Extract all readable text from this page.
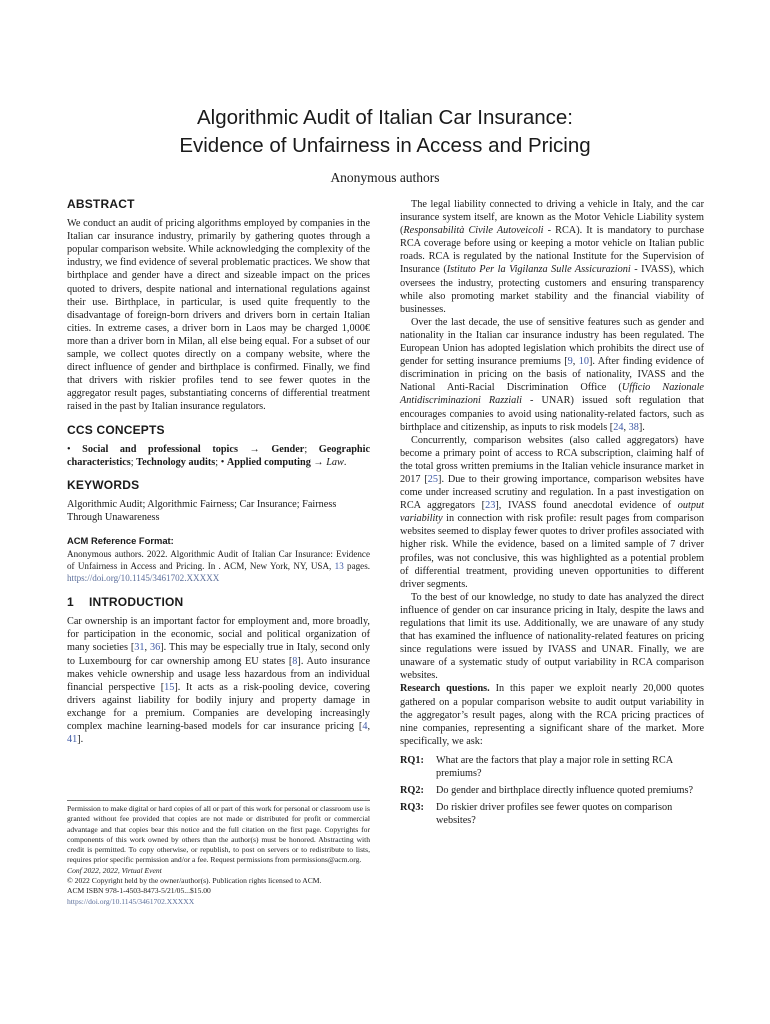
Algorithmic Audit of Italian Car Insurance:
Evidence of Unfairness in Access and Pricing
Anonymous authors
ABSTRACT

We conduct an audit of pricing algorithms employed by companies in the Italian car insurance industry, primarily by gathering quotes through a popular comparison website. While acknowledging the complexity of the industry, we find evidence of several problematic practices. We show that birthplace and gender have a direct and sizeable impact on the prices quoted to drivers, despite national and international regulations against their use. Birthplace, in particular, is used quite frequently to the disadvantage of foreign-born drivers and drivers born in certain Italian cities. In extreme cases, a driver born in Laos may be charged 1,000€ more than a driver born in Milan, all else being equal. For a subset of our sample, we collect quotes directly on a company website, where the direct influence of gender and birthplace is confirmed. Finally, we find that drivers with riskier profiles tend to see fewer quotes in the aggregator result pages, substantiating concerns of differential treatment raised in the past by Italian insurance regulators.

CCS CONCEPTS

• Social and professional topics → Gender; Geographic characteristics; Technology audits; • Applied computing → Law.

KEYWORDS

Algorithmic Audit; Algorithmic Fairness; Car Insurance; Fairness Through Unawareness

ACM Reference Format:

Anonymous authors. 2022. Algorithmic Audit of Italian Car Insurance: Evidence of Unfairness in Access and Pricing. In . ACM, New York, NY, USA, 13 pages. https://doi.org/10.1145/3461702.XXXXX

1 INTRODUCTION

Car ownership is an important factor for employment and, more broadly, for participation in the economic, social and political organization of many societies [31, 36]. This may be especially true in Italy, second only to Luxembourg for car ownership among EU states [8]. Auto insurance makes vehicle ownership and usage less hazardous from an individual financial perspective [15]. It acts as a risk-pooling device, covering drivers against liability for bodily injury and property damage in exchange for a premium. Companies are developing increasingly complex machine learning-based models for car insurance pricing [4, 41].

Permission to make digital or hard copies of all or part of this work for personal or classroom use is granted without fee provided that copies are not made or distributed for profit or commercial advantage and that copies bear this notice and the full citation on the first page. Copyrights for components of this work owned by others than the author(s) must be honored. Abstracting with credit is permitted. To copy otherwise, or republish, to post on servers or to redistribute to lists, requires prior specific permission and/or a fee. Request permissions from permissions@acm.org.

Conf 2022, 2022, Virtual Event

© 2022 Copyright held by the owner/author(s). Publication rights licensed to ACM.

ACM ISBN 978-1-4503-8473-5/21/05...$15.00

https://doi.org/10.1145/3461702.XXXXX

The legal liability connected to driving a vehicle in Italy, and the car insurance system itself, are known as the Motor Vehicle Liability system (Responsabilità Civile Autoveicoli - RCA). It is mandatory to purchase RCA coverage before using or keeping a motor vehicle on Italian public roads. RCA is regulated by the national Institute for the Supervision of Insurance (Istituto Per la Vigilanza Sulle Assicurazioni - IVASS), which oversees the industry, protecting customers and ensuring transparency while also promoting market stability and the financial viability of businesses.

Over the last decade, the use of sensitive features such as gender and nationality in the Italian car insurance industry has been regulated. The European Union has adopted legislation which prohibits the direct use of gender for setting insurance premiums [9, 10]. After finding evidence of discrimination in pricing on the basis of nationality, IVASS and the National Anti-Racial Discrimination Office (Ufficio Nazionale Antidiscriminazioni Razziali - UNAR) issued soft regulation that encourages companies to avoid using nationality-related factors, such as birthplace and citizenship, as inputs to risk models [24, 38].

Concurrently, comparison websites (also called aggregators) have become a primary point of access to RCA subscription, claiming half of the total gross written premiums in the Italian vehicle insurance market in 2017 [25]. Due to their growing importance, comparison websites have come under increased scrutiny and regulation. In a past investigation on RCA aggregators [23], IVASS found anecdotal evidence of output variability in connection with risk profile: result pages from comparison websites seemed to display fewer quotes to driver profiles associated with higher risk. While the evidence, based on a limited sample of 7 driver profiles, was not conclusive, this was highlighted as a potential problem of differential treatment, providing uneven opportunities to different driver segments.

To the best of our knowledge, no study to date has analyzed the direct influence of gender on car insurance pricing in Italy, despite the laws and regulations that limit its use. Additionally, we are unaware of any study that has examined the influence of nationality-related features on pricing since regulations were issued by IVASS and UNAR. Finally, we are unaware of a systematic study of output variability in RCA comparison websites.

Research questions. In this paper we exploit nearly 20,000 quotes gathered on a popular comparison website to audit output variability in the aggregator’s result pages, along with the RCA pricing practices of nine companies, representing a significant share of the market. More specifically, we ask:

RQ1:	What are the factors that play a major role in setting RCA premiums?
RQ2:	Do gender and birthplace directly influence quoted premiums?
RQ3:	Do riskier driver profiles see fewer quotes on comparison websites?
